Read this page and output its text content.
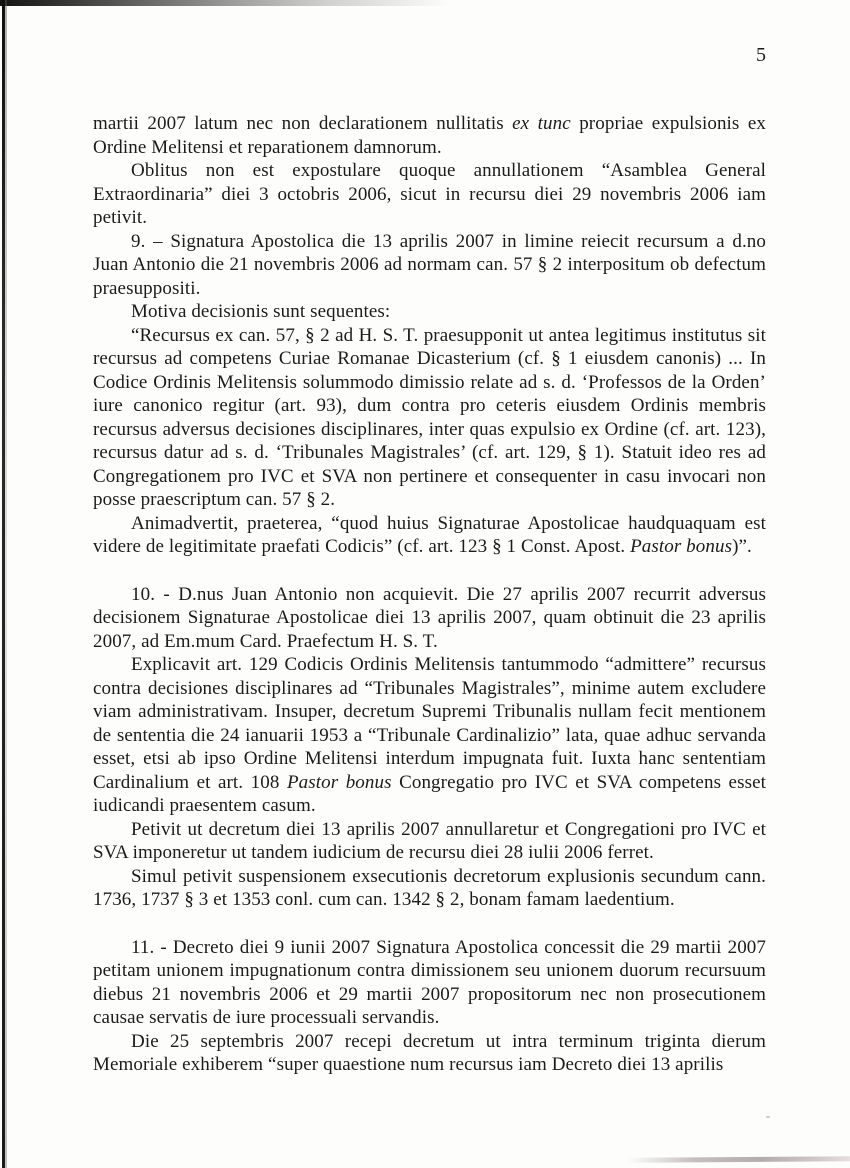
5

martii 2007 latum nec non declarationem nullitatis ex tunc propriae expulsionis ex Ordine Melitensi et reparationem damnorum.

Oblitus non est expostulare quoque annullationem “Asamblea General Extraordinaria” diei 3 octobris 2006, sicut in recursu diei 29 novembris 2006 iam petivit.

9. – Signatura Apostolica die 13 aprilis 2007 in limine reiecit recursum a d.no Juan Antonio die 21 novembris 2006 ad normam can. 57 § 2 interpositum ob defectum praesuppositi.

Motiva decisionis sunt sequentes:

“Recursus ex can. 57, § 2 ad H. S. T. praesupponit ut antea legitimus institutus sit recursus ad competens Curiae Romanae Dicasterium (cf. § 1 eiusdem canonis) ... In Codice Ordinis Melitensis solummodo dimissio relate ad s. d. ‘Professos de la Orden’ iure canonico regitur (art. 93), dum contra pro ceteris eiusdem Ordinis membris recursus adversus decisiones disciplinares, inter quas expulsio ex Ordine (cf. art. 123), recursus datur ad s. d. ‘Tribunales Magistrales’ (cf. art. 129, § 1). Statuit ideo res ad Congregationem pro IVC et SVA non pertinere et consequenter in casu invocari non posse praescriptum can. 57 § 2.

Animadvertit, praeterea, “quod huius Signaturae Apostolicae haudquaquam est videre de legitimitate praefati Codicis” (cf. art. 123 § 1 Const. Apost. Pastor bonus)”.

10. - D.nus Juan Antonio non acquievit. Die 27 aprilis 2007 recurrit adversus decisionem Signaturae Apostolicae diei 13 aprilis 2007, quam obtinuit die 23 aprilis 2007, ad Em.mum Card. Praefectum H. S. T.

Explicavit art. 129 Codicis Ordinis Melitensis tantummodo “admittere” recursus contra decisiones disciplinares ad “Tribunales Magistrales”, minime autem excludere viam administrativam. Insuper, decretum Supremi Tribunalis nullam fecit mentionem de sententia die 24 ianuarii 1953 a “Tribunale Cardinalizio” lata, quae adhuc servanda esset, etsi ab ipso Ordine Melitensi interdum impugnata fuit. Iuxta hanc sententiam Cardinalium et art. 108 Pastor bonus Congregatio pro IVC et SVA competens esset iudicandi praesentem casum.

Petivit ut decretum diei 13 aprilis 2007 annullaretur et Congregationi pro IVC et SVA imponeretur ut tandem iudicium de recursu diei 28 iulii 2006 ferret.

Simul petivit suspensionem exsecutionis decretorum explusionis secundum cann. 1736, 1737 § 3 et 1353 conl. cum can. 1342 § 2, bonam famam laedentium.

11. - Decreto diei 9 iunii 2007 Signatura Apostolica concessit die 29 martii 2007 petitam unionem impugnationum contra dimissionem seu unionem duorum recursuum diebus 21 novembris 2006 et 29 martii 2007 propositorum nec non prosecutionem causae servatis de iure processuali servandis.

Die 25 septembris 2007 recepi decretum ut intra terminum triginta dierum Memoriale exhiberem “super quaestione num recursus iam Decreto diei 13 aprilis
